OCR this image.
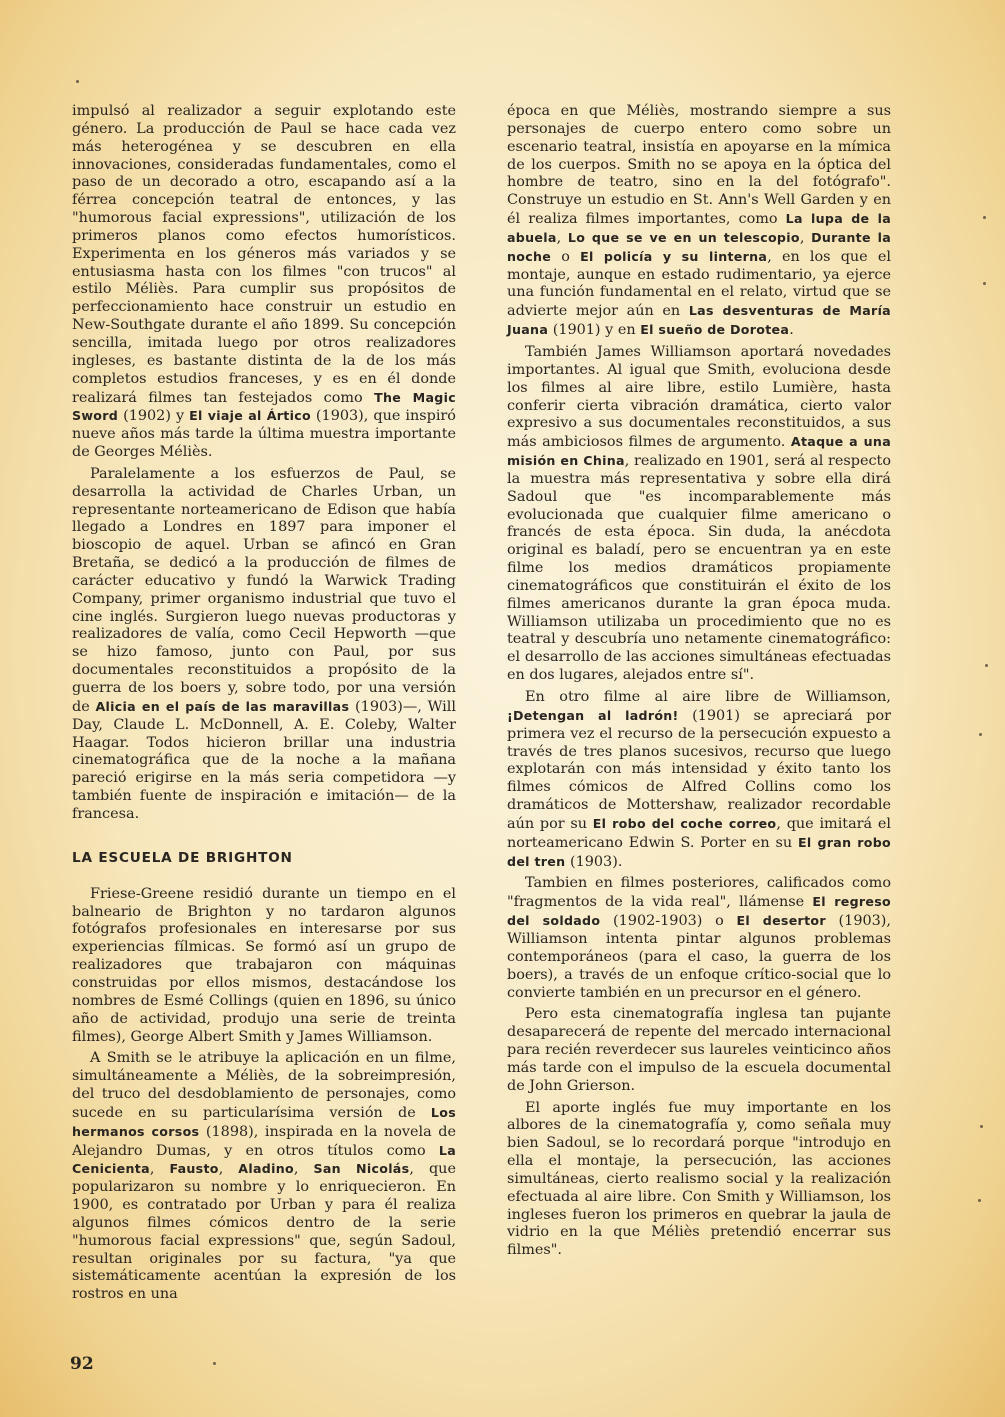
impulsó al realizador a seguir explotando este género. La producción de Paul se hace cada vez más heterogénea y se descubren en ella innovaciones, consideradas fundamentales, como el paso de un decorado a otro, escapando así a la férrea concepción teatral de entonces, y las "humorous facial expressions", utilización de los primeros planos como efectos humorísticos. Experimenta en los géneros más variados y se entusiasma hasta con los filmes "con trucos" al estilo Méliès. Para cumplir sus propósitos de perfeccionamiento hace construir un estudio en New-Southgate durante el año 1899. Su concepción sencilla, imitada luego por otros realizadores ingleses, es bastante distinta de la de los más completos estudios franceses, y es en él donde realizará filmes tan festejados como The Magic Sword (1902) y El viaje al Ártico (1903), que inspiró nueve años más tarde la última muestra importante de Georges Méliès.

Paralelamente a los esfuerzos de Paul, se desarrolla la actividad de Charles Urban, un representante norteamericano de Edison que había llegado a Londres en 1897 para imponer el bioscopio de aquel. Urban se afincó en Gran Bretaña, se dedicó a la producción de filmes de carácter educativo y fundó la Warwick Trading Company, primer organismo industrial que tuvo el cine inglés. Surgieron luego nuevas productoras y realizadores de valía, como Cecil Hepworth —que se hizo famoso, junto con Paul, por sus documentales reconstituidos a propósito de la guerra de los boers y, sobre todo, por una versión de Alicia en el país de las maravillas (1903)—, Will Day, Claude L. McDonnell, A. E. Coleby, Walter Haagar. Todos hicieron brillar una industria cinematográfica que de la noche a la mañana pareció erigirse en la más seria competidora —y también fuente de inspiración e imitación— de la francesa.

LA ESCUELA DE BRIGHTON

Friese-Greene residió durante un tiempo en el balneario de Brighton y no tardaron algunos fotógrafos profesionales en interesarse por sus experiencias fílmicas. Se formó así un grupo de realizadores que trabajaron con máquinas construidas por ellos mismos, destacándose los nombres de Esmé Collings (quien en 1896, su único año de actividad, produjo una serie de treinta filmes), George Albert Smith y James Williamson.

A Smith se le atribuye la aplicación en un filme, simultáneamente a Méliès, de la sobreimpresión, del truco del desdoblamiento de personajes, como sucede en su particularísima versión de Los hermanos corsos (1898), inspirada en la novela de Alejandro Dumas, y en otros títulos como La Cenicienta, Fausto, Aladino, San Nicolás, que popularizaron su nombre y lo enriquecieron. En 1900, es contratado por Urban y para él realiza algunos filmes cómicos dentro de la serie "humorous facial expressions" que, según Sadoul, resultan originales por su factura, "ya que sistemáticamente acentúan la expresión de los rostros en una

época en que Méliès, mostrando siempre a sus personajes de cuerpo entero como sobre un escenario teatral, insistía en apoyarse en la mímica de los cuerpos. Smith no se apoya en la óptica del hombre de teatro, sino en la del fotógrafo". Construye un estudio en St. Ann's Well Garden y en él realiza filmes importantes, como La lupa de la abuela, Lo que se ve en un telescopio, Durante la noche o El policía y su linterna, en los que el montaje, aunque en estado rudimentario, ya ejerce una función fundamental en el relato, virtud que se advierte mejor aún en Las desventuras de María Juana (1901) y en El sueño de Dorotea.

También James Williamson aportará novedades importantes. Al igual que Smith, evoluciona desde los filmes al aire libre, estilo Lumière, hasta conferir cierta vibración dramática, cierto valor expresivo a sus documentales reconstituidos, a sus más ambiciosos filmes de argumento. Ataque a una misión en China, realizado en 1901, será al respecto la muestra más representativa y sobre ella dirá Sadoul que "es incomparablemente más evolucionada que cualquier filme americano o francés de esta época. Sin duda, la anécdota original es baladí, pero se encuentran ya en este filme los medios dramáticos propiamente cinematográficos que constituirán el éxito de los filmes americanos durante la gran época muda. Williamson utilizaba un procedimiento que no es teatral y descubría uno netamente cinematográfico: el desarrollo de las acciones simultáneas efectuadas en dos lugares, alejados entre sí".

En otro filme al aire libre de Williamson, ¡Detengan al ladrón! (1901) se apreciará por primera vez el recurso de la persecución expuesto a través de tres planos sucesivos, recurso que luego explotarán con más intensidad y éxito tanto los filmes cómicos de Alfred Collins como los dramáticos de Mottershaw, realizador recordable aún por su El robo del coche correo, que imitará el norteamericano Edwin S. Porter en su El gran robo del tren (1903).

Tambien en filmes posteriores, calificados como "fragmentos de la vida real", llámense El regreso del soldado (1902-1903) o El desertor (1903), Williamson intenta pintar algunos problemas contemporáneos (para el caso, la guerra de los boers), a través de un enfoque crítico-social que lo convierte también en un precursor en el género.

Pero esta cinematografía inglesa tan pujante desaparecerá de repente del mercado internacional para recién reverdecer sus laureles veinticinco años más tarde con el impulso de la escuela documental de John Grierson.

El aporte inglés fue muy importante en los albores de la cinematografía y, como señala muy bien Sadoul, se lo recordará porque "introdujo en ella el montaje, la persecución, las acciones simultáneas, cierto realismo social y la realización efectuada al aire libre. Con Smith y Williamson, los ingleses fueron los primeros en quebrar la jaula de vidrio en la que Méliès pretendió encerrar sus filmes".

92
